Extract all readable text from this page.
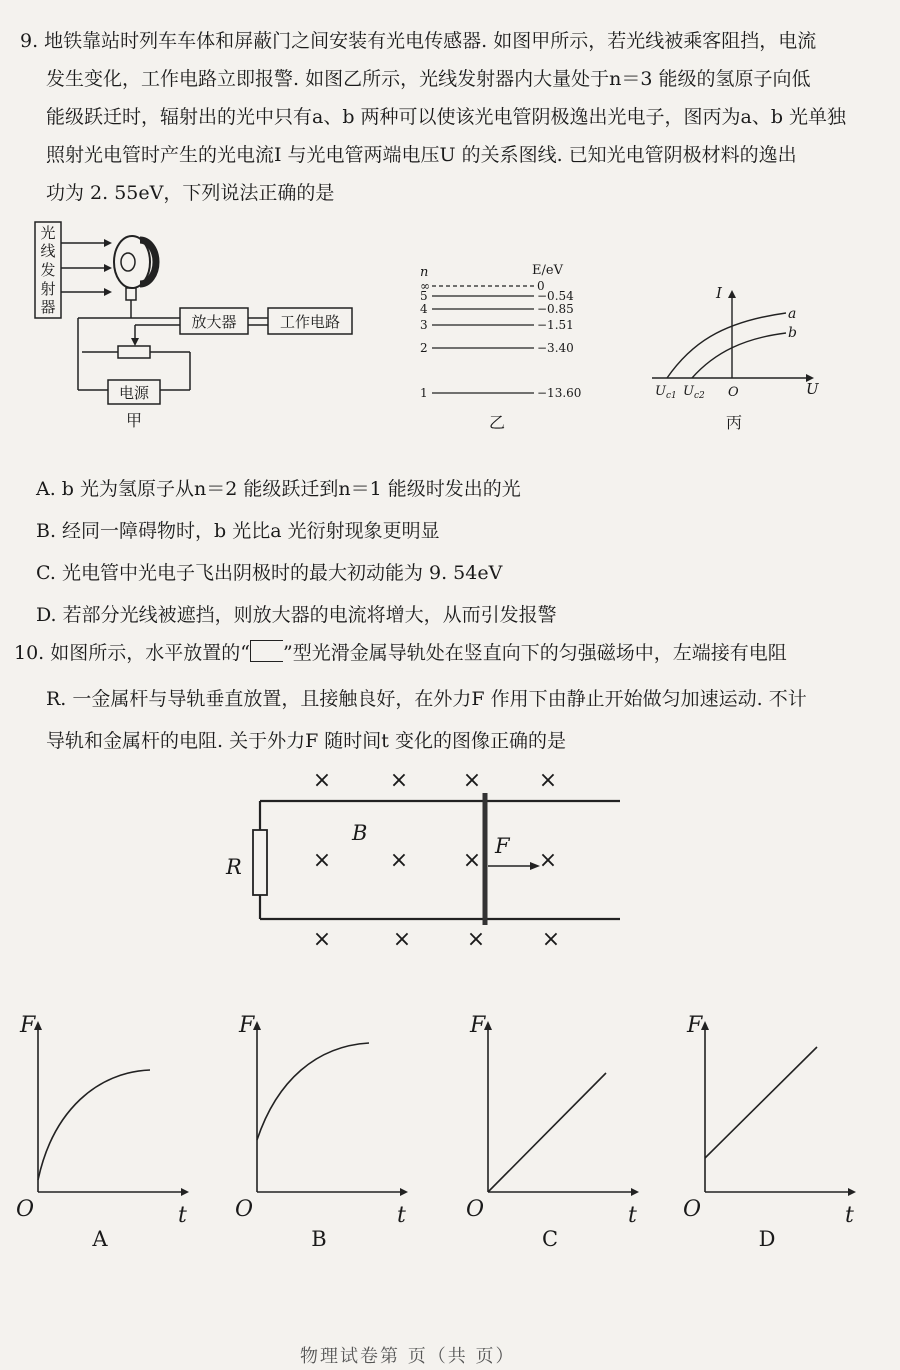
9. 地铁靠站时列车车体和屏蔽门之间安装有光电传感器. 如图甲所示，若光线被乘客阻挡，电流
发生变化，工作电路立即报警. 如图乙所示，光线发射器内大量处于n＝3 能级的氢原子向低
能级跃迁时，辐射出的光中只有a、b 两种可以使该光电管阴极逸出光电子，图丙为a、b 光单独
照射光电管时产生的光电流I 与光电管两端电压U 的关系图线. 已知光电管阴极材料的逸出
功为 2. 55eV，下列说法正确的是
光
线
发
射
器
放大器	工作电路
电源
甲
n	E/eV
∞	0
5	−0.54
4	−0.85
3	−1.51
2	−3.40
1	−13.60
乙
I
U
O
$U_{c1}$ $U_{c2}$
a
b
丙
×	× ×	×
×	× ×	×
×	×	×	×
R
B
F
F
t
O
A
F
t
O
B
F
t
O
C
F
t
O
D
A. b 光为氢原子从n＝2 能级跃迁到n＝1 能级时发出的光
B. 经同一障碍物时，b 光比a 光衍射现象更明显
C. 光电管中光电子飞出阴极时的最大初动能为 9. 54eV
D. 若部分光线被遮挡，则放大器的电流将增大，从而引发报警
10. 如图所示，水平放置的“ ”型光滑金属导轨处在竖直向下的匀强磁场中，左端接有电阻
R. 一金属杆与导轨垂直放置，且接触良好，在外力F 作用下由静止开始做匀加速运动. 不计
导轨和金属杆的电阻. 关于外力F 随时间t 变化的图像正确的是
物理试卷第 页（共 页）
